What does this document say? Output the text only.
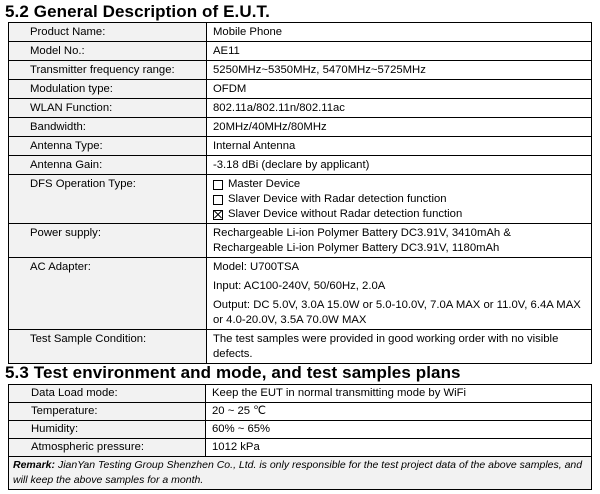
5.2 General Description of E.U.T.
Product Name:	Mobile Phone
Model No.:	AE11
Transmitter frequency range:	5250MHz~5350MHz, 5470MHz~5725MHz
Modulation type:	OFDM
WLAN Function:	802.11a/802.11n/802.11ac
Bandwidth:	20MHz/40MHz/80MHz
Antenna Type:	Internal Antenna
Antenna Gain:	-3.18 dBi (declare by applicant)
DFS Operation Type:	Master Device
Slaver Device with Radar detection function
Slaver Device without Radar detection function

Power supply:	Rechargeable Li-ion Polymer Battery DC3.91V, 3410mAh &
Rechargeable Li-ion Polymer Battery DC3.91V, 1180mAh

AC Adapter:	Model: U700TSA
Input: AC100-240V, 50/60Hz, 2.0A
Output: DC 5.0V, 3.0A 15.0W or 5.0-10.0V, 7.0A MAX or 11.0V, 6.4A MAX or 4.0-20.0V, 3.5A 70.0W MAX

Test Sample Condition:	The test samples were provided in good working order with no visible defects.
5.3 Test environment and mode, and test samples plans
Data Load mode:	Keep the EUT in normal transmitting mode by WiFi
Temperature:	20 ~ 25 ℃
Humidity:	60% ~ 65%
Atmospheric pressure:	1012 kPa
Remark: JianYan Testing Group Shenzhen Co., Ltd. is only responsible for the test project data of the above samples, and will keep the above samples for a month.	
